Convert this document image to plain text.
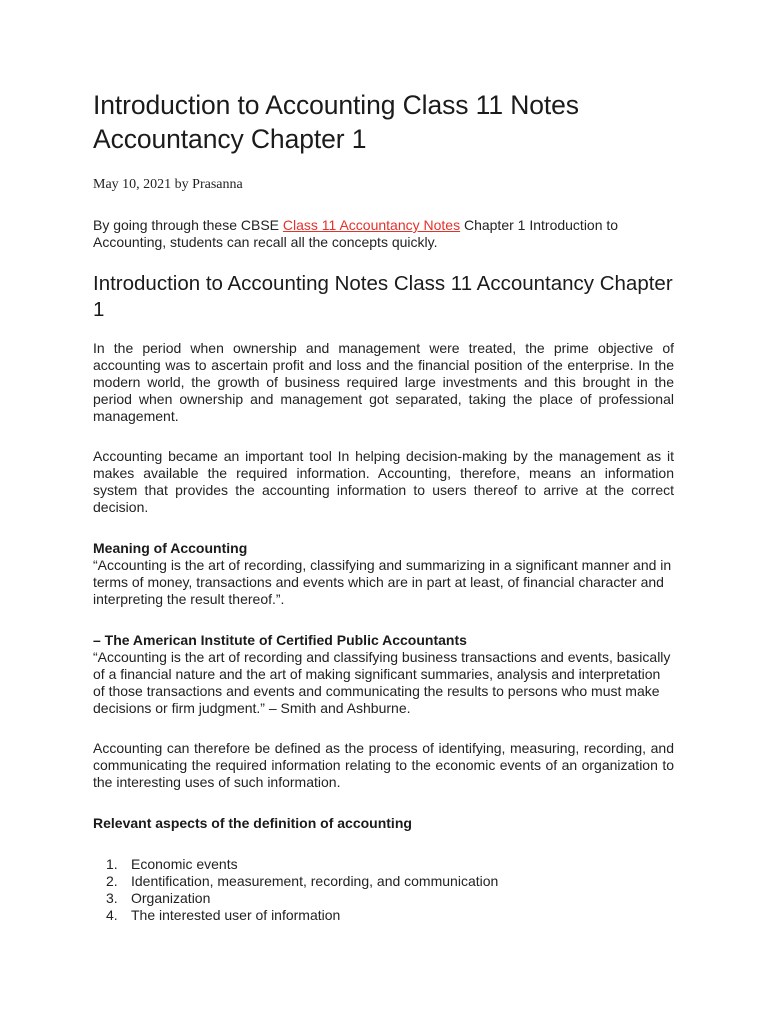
Introduction to Accounting Class 11 Notes Accountancy Chapter 1
May 10, 2021 by Prasanna

By going through these CBSE Class 11 Accountancy Notes Chapter 1 Introduction to Accounting, students can recall all the concepts quickly.

Introduction to Accounting Notes Class 11 Accountancy Chapter 1

In the period when ownership and management were treated, the prime objective of accounting was to ascertain profit and loss and the financial position of the enterprise. In the modern world, the growth of business required large investments and this brought in the period when ownership and management got separated, taking the place of professional management.

Accounting became an important tool In helping decision-making by the management as it makes available the required information. Accounting, therefore, means an information system that provides the accounting information to users thereof to arrive at the correct decision.

Meaning of Accounting

“Accounting is the art of recording, classifying and summarizing in a significant manner and in terms of money, transactions and events which are in part at least, of financial character and interpreting the result thereof.”.

– The American Institute of Certified Public Accountants

“Accounting is the art of recording and classifying business transactions and events, basically of a financial nature and the art of making significant summaries, analysis and interpretation of those transactions and events and communicating the results to persons who must make decisions or firm judgment.” – Smith and Ashburne.

Accounting can therefore be defined as the process of identifying, measuring, recording, and communicating the required information relating to the economic events of an organization to the interesting uses of such information.

Relevant aspects of the definition of accounting
1. Economic events
2. Identification, measurement, recording, and communication
3. Organization
4. The interested user of information
